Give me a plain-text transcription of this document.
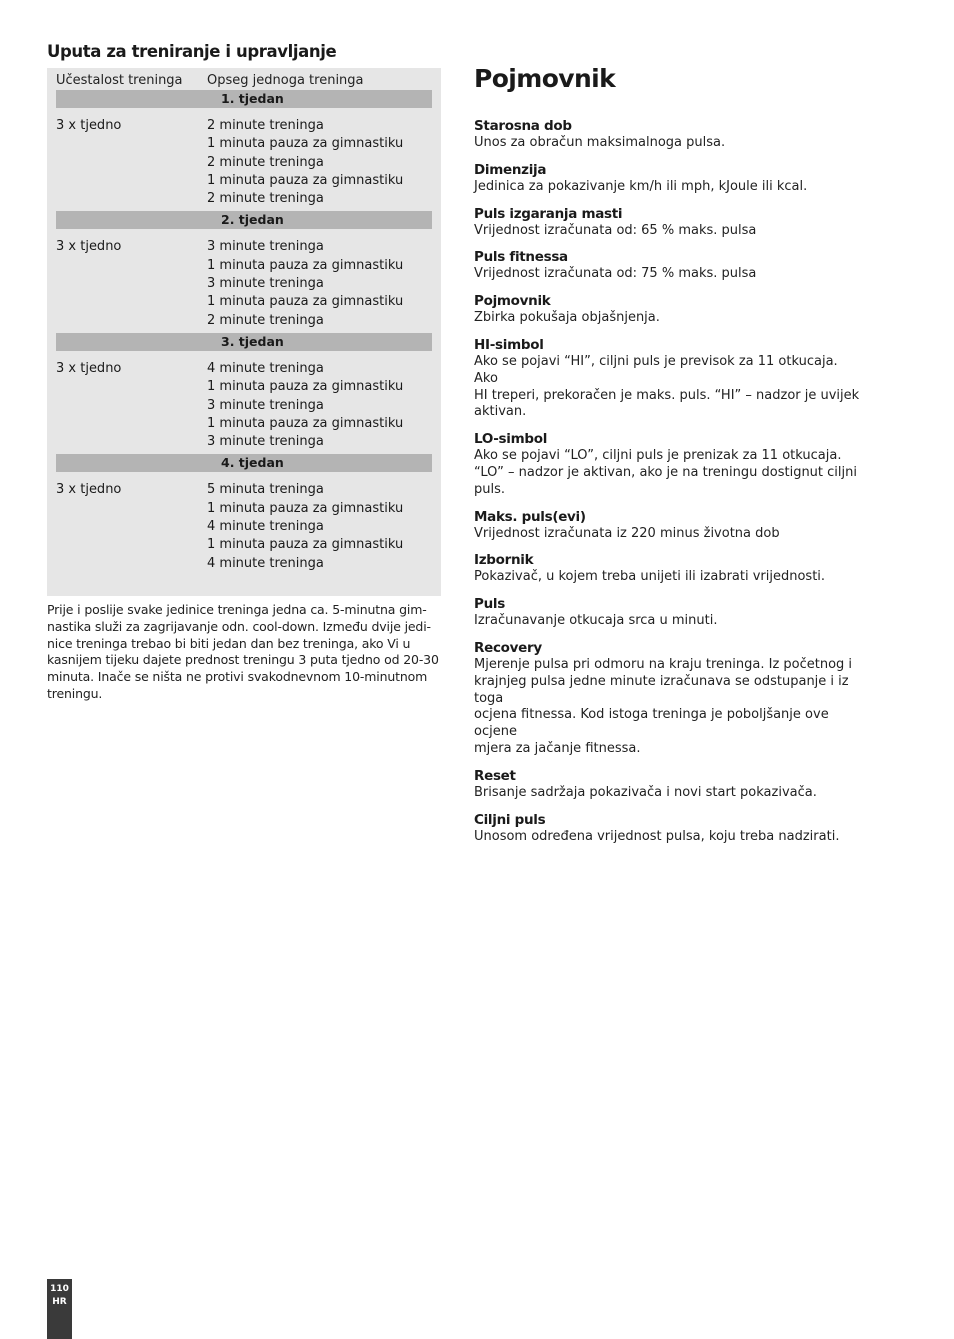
Uputa za treniranje i upravljanje
Učestalost treninga	Opseg jednoga treninga
1. tjedan
3 x tjedno	2 minute treninga
1 minuta pauza za gimnastiku
2 minute treninga
1 minuta pauza za gimnastiku
2 minute treninga
2. tjedan
3 x tjedno	3 minute treninga
1 minuta pauza za gimnastiku
3 minute treninga
1 minuta pauza za gimnastiku
2 minute treninga
3. tjedan
3 x tjedno	4 minute treninga
1 minuta pauza za gimnastiku
3 minute treninga
1 minuta pauza za gimnastiku
3 minute treninga
4. tjedan
3 x tjedno	5 minuta treninga
1 minuta pauza za gimnastiku
4 minute treninga
1 minuta pauza za gimnastiku
4 minute treninga
Prije i poslije svake jedinice treninga jedna ca. 5-minutna gim-
nastika služi za zagrijavanje odn. cool-down. Između dvije jedi-
nice treninga trebao bi biti jedan dan bez treninga, ako Vi u
kasnijem tijeku dajete prednost treningu 3 puta tjedno od 20-30
minuta. Inače se ništa ne protivi svakodnevnom 10-minutnom
treningu.
Pojmovnik
Starosna dob
Unos za obračun maksimalnoga pulsa.
Dimenzija
Jedinica za pokazivanje km/h ili mph, kJoule ili kcal.
Puls izgaranja masti
Vrijednost izračunata od: 65 % maks. pulsa
Puls fitnessa
Vrijednost izračunata od: 75 % maks. pulsa
Pojmovnik
Zbirka pokušaja objašnjenja.
HI-simbol
Ako se pojavi “HI”, ciljni puls je previsok za 11 otkucaja. Ako
HI treperi, prekoračen je maks. puls. “HI” – nadzor je uvijek
aktivan.
LO-simbol
Ako se pojavi “LO”, ciljni puls je prenizak za 11 otkucaja.
“LO” – nadzor je aktivan, ako je na treningu dostignut ciljni
puls.
Maks. puls(evi)
Vrijednost izračunata iz 220 minus životna dob
Izbornik
Pokazivač, u kojem treba unijeti ili izabrati vrijednosti.
Puls
Izračunavanje otkucaja srca u minuti.
Recovery
Mjerenje pulsa pri odmoru na kraju treninga. Iz početnog i
krajnjeg pulsa jedne minute izračunava se odstupanje i iz toga
ocjena fitnessa. Kod istoga treninga je poboljšanje ove ocjene
mjera za jačanje fitnessa.
Reset
Brisanje sadržaja pokazivača i novi start pokazivača.
Ciljni puls
Unosom određena vrijednost pulsa, koju treba nadzirati.
110
HR
